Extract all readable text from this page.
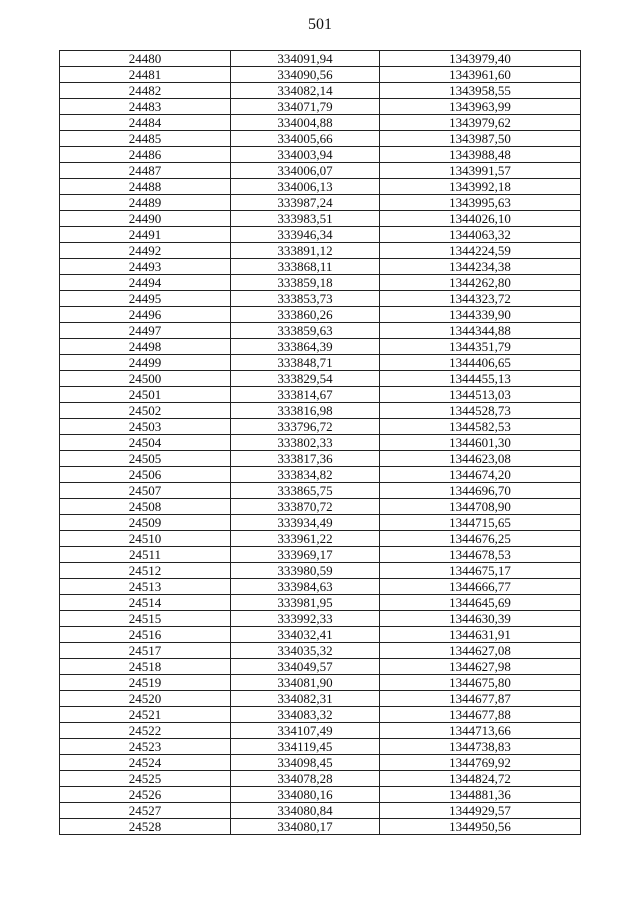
501
24480	334091,94	1343979,40
24481	334090,56	1343961,60
24482	334082,14	1343958,55
24483	334071,79	1343963,99
24484	334004,88	1343979,62
24485	334005,66	1343987,50
24486	334003,94	1343988,48
24487	334006,07	1343991,57
24488	334006,13	1343992,18
24489	333987,24	1343995,63
24490	333983,51	1344026,10
24491	333946,34	1344063,32
24492	333891,12	1344224,59
24493	333868,11	1344234,38
24494	333859,18	1344262,80
24495	333853,73	1344323,72
24496	333860,26	1344339,90
24497	333859,63	1344344,88
24498	333864,39	1344351,79
24499	333848,71	1344406,65
24500	333829,54	1344455,13
24501	333814,67	1344513,03
24502	333816,98	1344528,73
24503	333796,72	1344582,53
24504	333802,33	1344601,30
24505	333817,36	1344623,08
24506	333834,82	1344674,20
24507	333865,75	1344696,70
24508	333870,72	1344708,90
24509	333934,49	1344715,65
24510	333961,22	1344676,25
24511	333969,17	1344678,53
24512	333980,59	1344675,17
24513	333984,63	1344666,77
24514	333981,95	1344645,69
24515	333992,33	1344630,39
24516	334032,41	1344631,91
24517	334035,32	1344627,08
24518	334049,57	1344627,98
24519	334081,90	1344675,80
24520	334082,31	1344677,87
24521	334083,32	1344677,88
24522	334107,49	1344713,66
24523	334119,45	1344738,83
24524	334098,45	1344769,92
24525	334078,28	1344824,72
24526	334080,16	1344881,36
24527	334080,84	1344929,57
24528	334080,17	1344950,56
